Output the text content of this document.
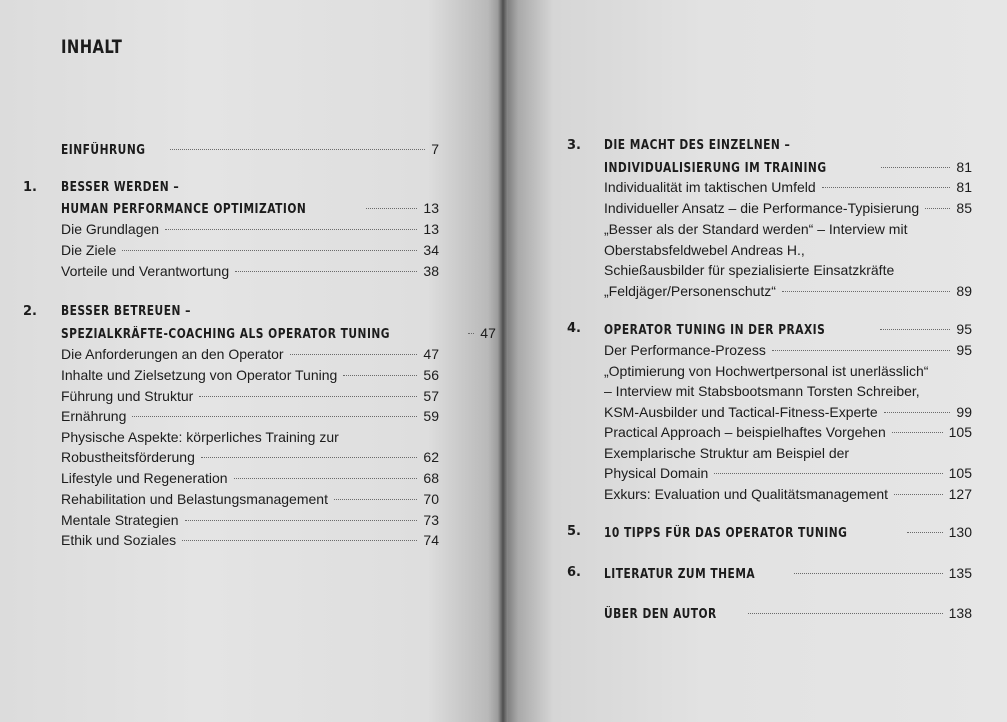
INHALT
EINFÜHRUNG	7
1. BESSER WERDEN –
HUMAN PERFORMANCE OPTIMIZATION	13
Die Grundlagen	13
Die Ziele	34
Vorteile und Verantwortung	38
2. BESSER BETREUEN –
SPEZIALKRÄFTE-COACHING ALS OPERATOR TUNING	47
Die Anforderungen an den Operator	47
Inhalte und Zielsetzung von Operator Tuning	56
Führung und Struktur	57
Ernährung	59
Physische Aspekte: körperliches Training zur
Robustheitsförderung	62
Lifestyle und Regeneration	68
Rehabilitation und Belastungsmanagement	70
Mentale Strategien	73
Ethik und Soziales	74
3. DIE MACHT DES EINZELNEN –
INDIVIDUALISIERUNG IM TRAINING	81
Individualität im taktischen Umfeld	81
Individueller Ansatz – die Performance-Typisierung	85
„Besser als der Standard werden“ – Interview mit
Oberstabsfeldwebel Andreas H.,
Schießausbilder für spezialisierte Einsatzkräfte
„Feldjäger/Personenschutz“	89
4. OPERATOR TUNING IN DER PRAXIS	95
Der Performance-Prozess	95
„Optimierung von Hochwertpersonal ist unerlässlich“
– Interview mit Stabsbootsmann Torsten Schreiber,
KSM-Ausbilder und Tactical-Fitness-Experte	99
Practical Approach – beispielhaftes Vorgehen	105
Exemplarische Struktur am Beispiel der
Physical Domain	105
Exkurs: Evaluation und Qualitätsmanagement	127
5. 10 TIPPS FÜR DAS OPERATOR TUNING	130
6. LITERATUR ZUM THEMA	135
ÜBER DEN AUTOR	138
